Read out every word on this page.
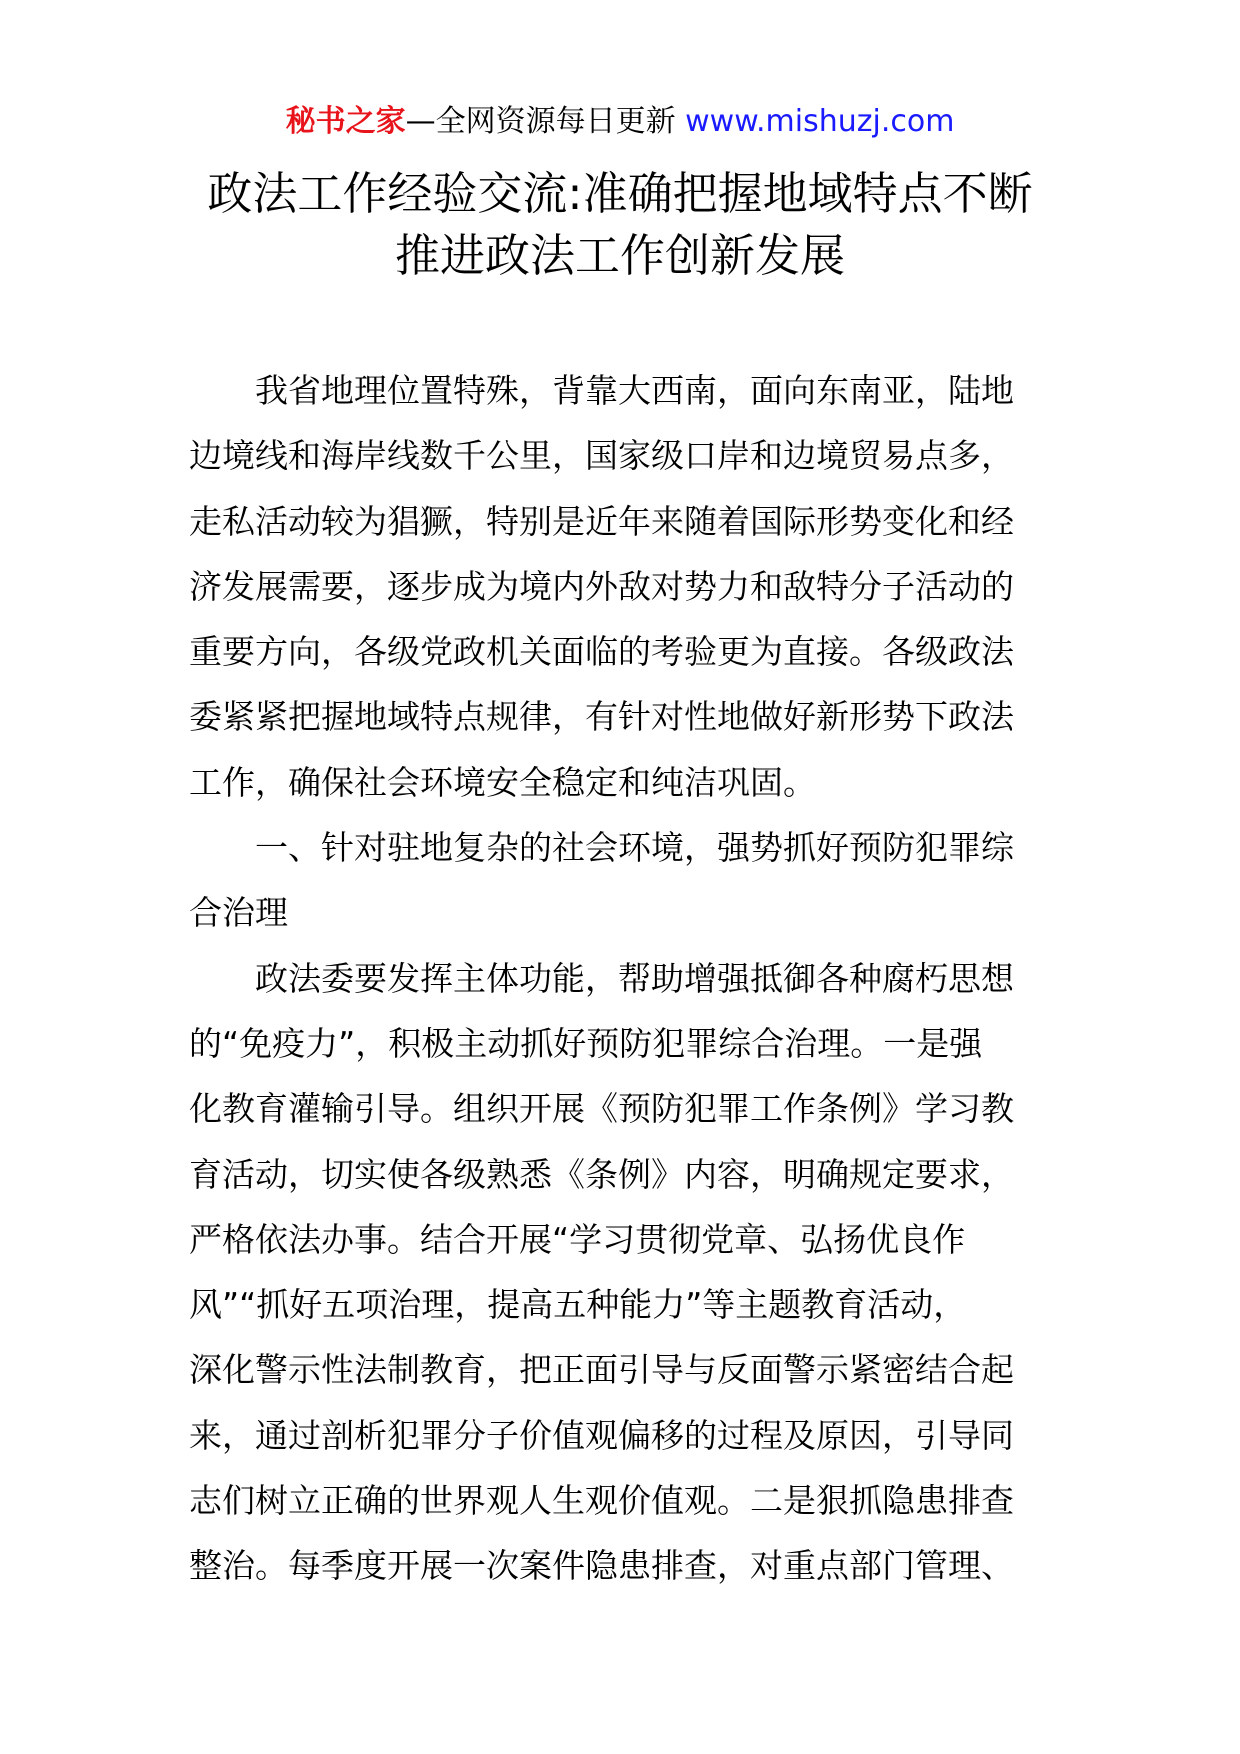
秘书之家—全网资源每日更新 www.mishuzj.com
政法工作经验交流:准确把握地域特点不断
推进政法工作创新发展
　　我省地理位置特殊，背靠大西南，面向东南亚，陆地
边境线和海岸线数千公里，国家级口岸和边境贸易点多，
走私活动较为猖獗，特别是近年来随着国际形势变化和经
济发展需要，逐步成为境内外敌对势力和敌特分子活动的
重要方向，各级党政机关面临的考验更为直接。各级政法
委紧紧把握地域特点规律，有针对性地做好新形势下政法
工作，确保社会环境安全稳定和纯洁巩固。
　　一、针对驻地复杂的社会环境，强势抓好预防犯罪综
合治理
　　政法委要发挥主体功能，帮助增强抵御各种腐朽思想
的“免疫力”，积极主动抓好预防犯罪综合治理。一是强
化教育灌输引导。组织开展《预防犯罪工作条例》学习教
育活动，切实使各级熟悉《条例》内容，明确规定要求，
严格依法办事。结合开展“学习贯彻党章、弘扬优良作
风”“抓好五项治理，提高五种能力”等主题教育活动，
深化警示性法制教育，把正面引导与反面警示紧密结合起
来，通过剖析犯罪分子价值观偏移的过程及原因，引导同
志们树立正确的世界观人生观价值观。二是狠抓隐患排查
整治。每季度开展一次案件隐患排查，对重点部门管理、
